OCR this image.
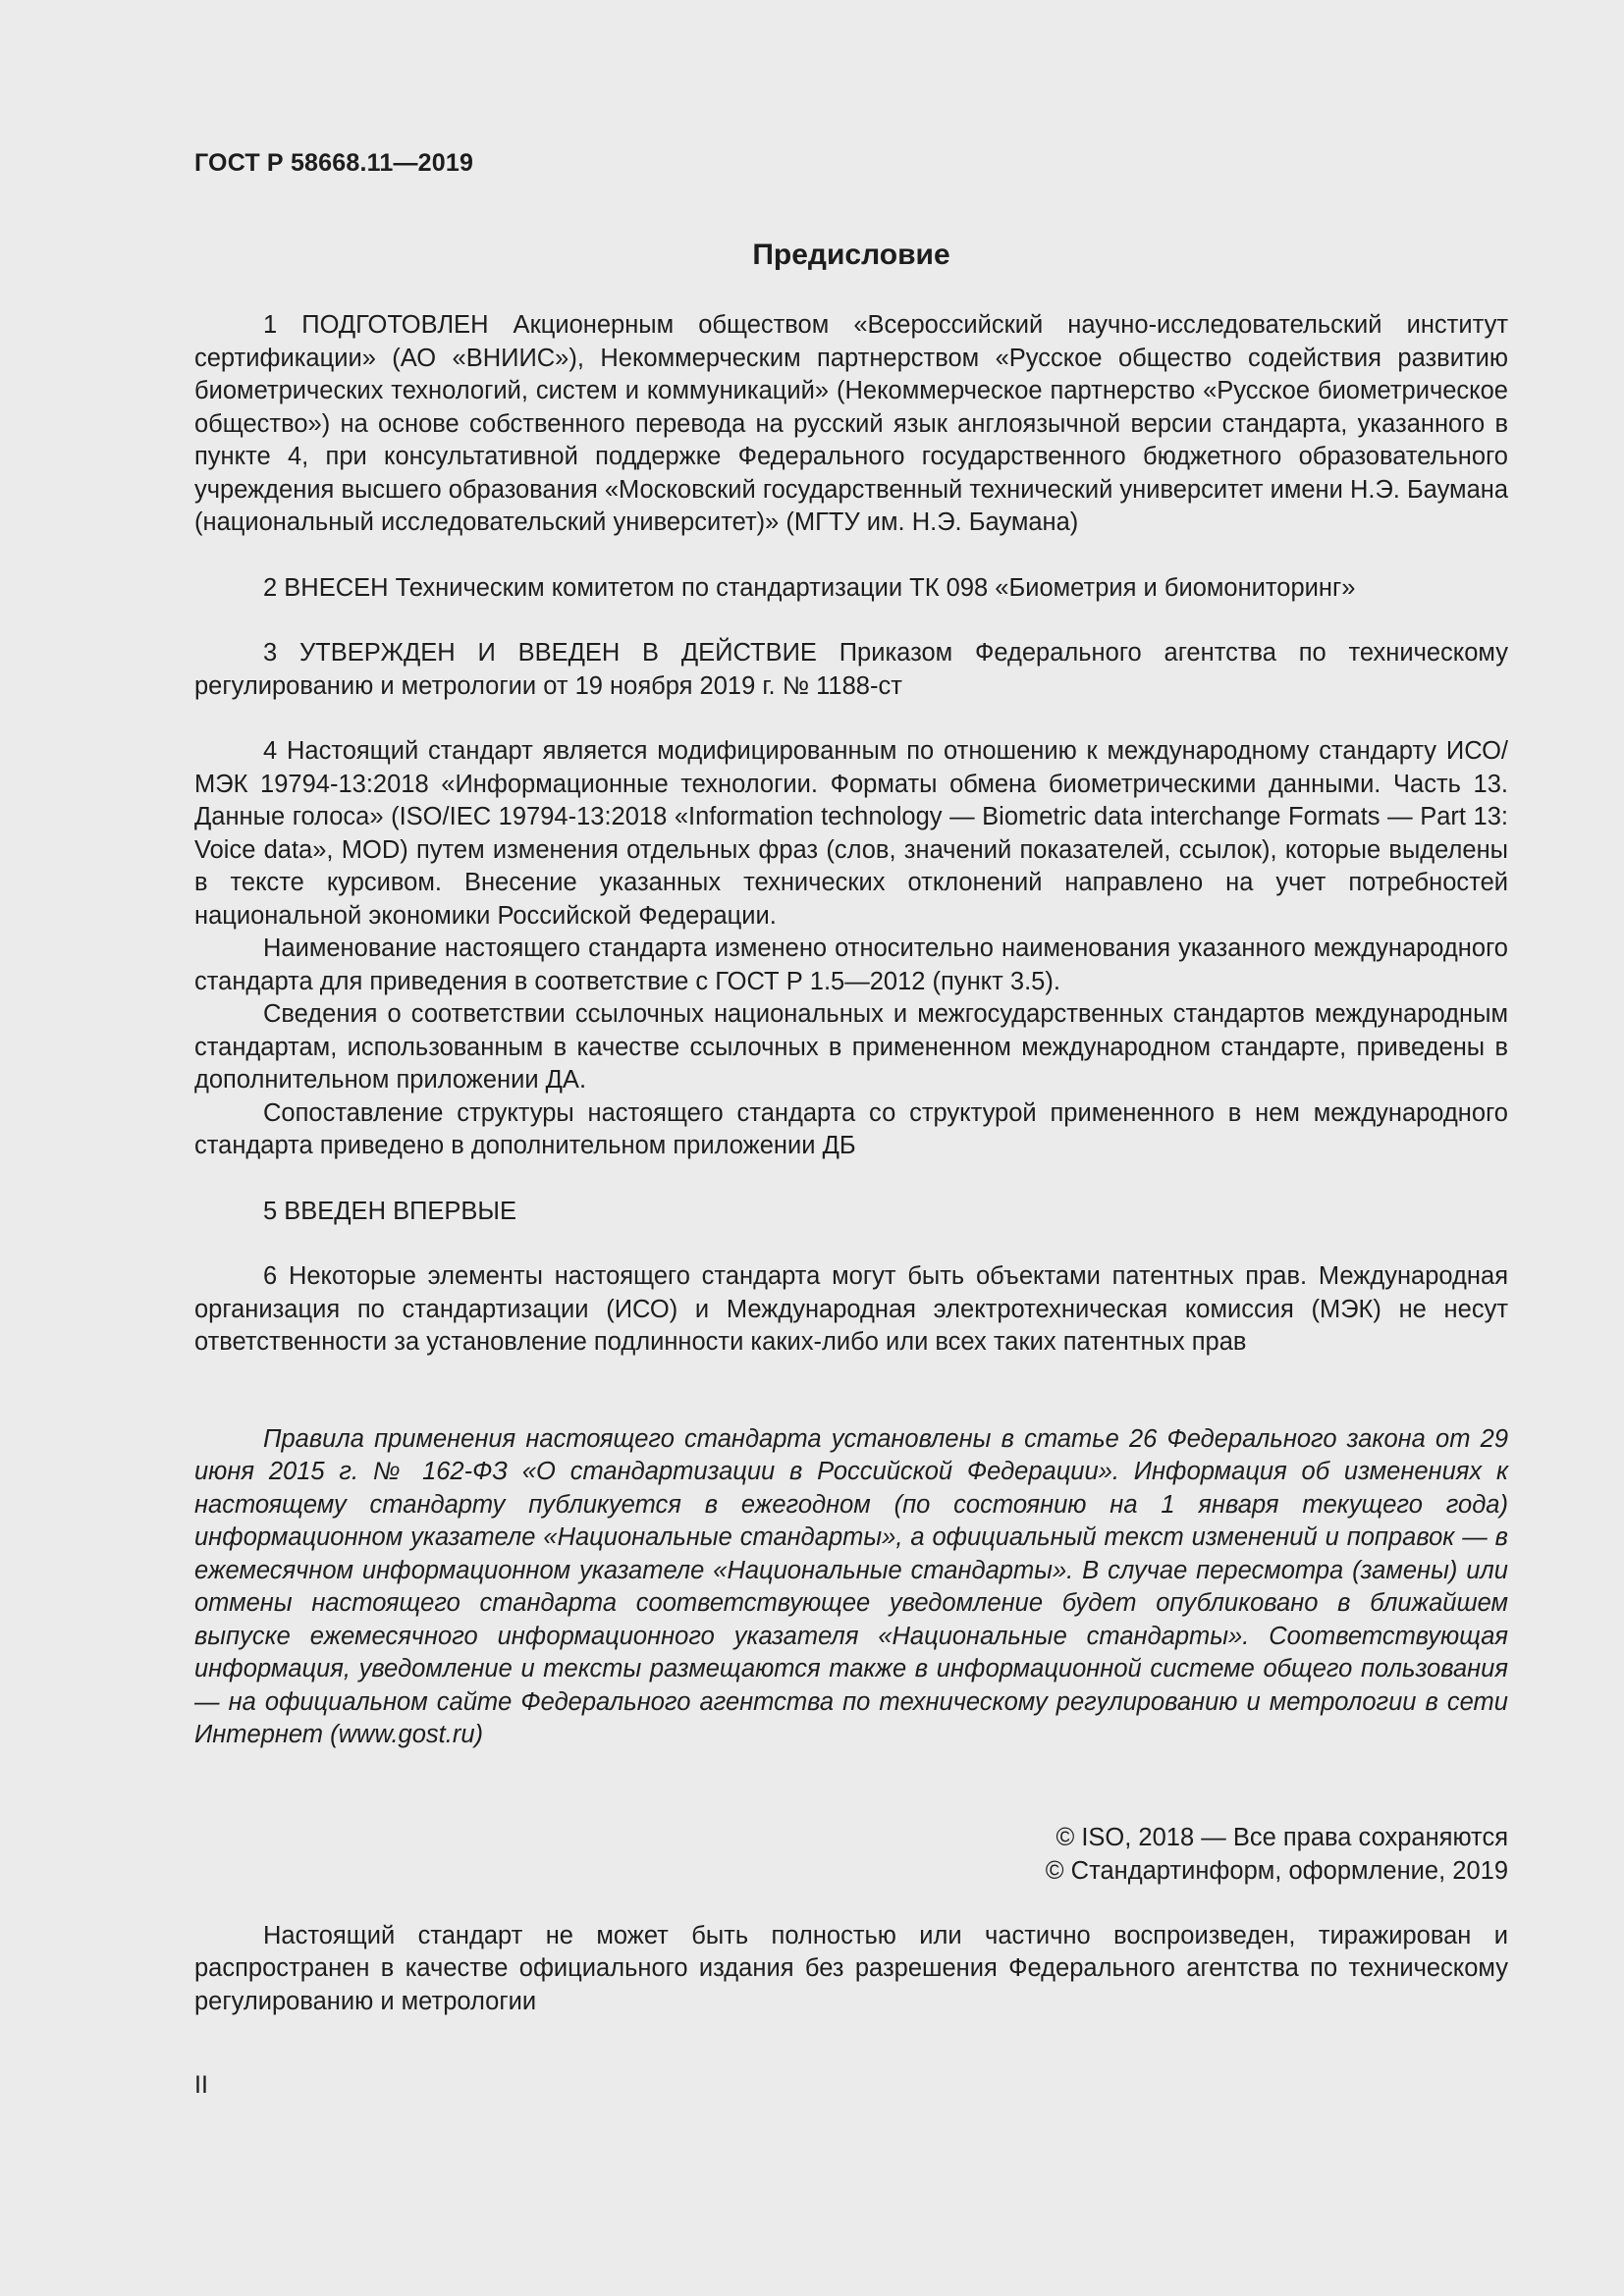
ГОСТ Р 58668.11—2019
Предисловие

1 ПОДГОТОВЛЕН Акционерным обществом «Всероссийский научно-исследовательский институт сертификации» (АО «ВНИИС»), Некоммерческим партнерством «Русское общество содействия развитию биометрических технологий, систем и коммуникаций» (Некоммерческое партнерство «Русское биометрическое общество») на основе собственного перевода на русский язык англоязычной версии стандарта, указанного в пункте 4, при консультативной поддержке Федерального государственного бюджетного образовательного учреждения высшего образования «Московский государственный технический университет имени Н.Э. Баумана (национальный исследовательский университет)» (МГТУ им. Н.Э. Баумана)

2 ВНЕСЕН Техническим комитетом по стандартизации ТК 098 «Биометрия и биомониторинг»

3 УТВЕРЖДЕН И ВВЕДЕН В ДЕЙСТВИЕ Приказом Федерального агентства по техническому регулированию и метрологии от 19 ноября 2019 г. № 1188-ст

4 Настоящий стандарт является модифицированным по отношению к международному стандарту ИСО/МЭК 19794-13:2018 «Информационные технологии. Форматы обмена биометрическими данными. Часть 13. Данные голоса» (ISO/IEC 19794-13:2018 «Information technology — Biometric data interchange Formats — Part 13: Voice data», MOD) путем изменения отдельных фраз (слов, значений показателей, ссылок), которые выделены в тексте курсивом. Внесение указанных технических отклонений направлено на учет потребностей национальной экономики Российской Федерации.

Наименование настоящего стандарта изменено относительно наименования указанного международного стандарта для приведения в соответствие с ГОСТ Р 1.5—2012 (пункт 3.5).

Сведения о соответствии ссылочных национальных и межгосударственных стандартов международным стандартам, использованным в качестве ссылочных в примененном международном стандарте, приведены в дополнительном приложении ДА.

Сопоставление структуры настоящего стандарта со структурой примененного в нем международного стандарта приведено в дополнительном приложении ДБ

5 ВВЕДЕН ВПЕРВЫЕ

6 Некоторые элементы настоящего стандарта могут быть объектами патентных прав. Международная организация по стандартизации (ИСО) и Международная электротехническая комиссия (МЭК) не несут ответственности за установление подлинности каких-либо или всех таких патентных прав

Правила применения настоящего стандарта установлены в статье 26 Федерального закона от 29 июня 2015 г. № 162-ФЗ «О стандартизации в Российской Федерации». Информация об изменениях к настоящему стандарту публикуется в ежегодном (по состоянию на 1 января текущего года) информационном указателе «Национальные стандарты», а официальный текст изменений и поправок — в ежемесячном информационном указателе «Национальные стандарты». В случае пересмотра (замены) или отмены настоящего стандарта соответствующее уведомление будет опубликовано в ближайшем выпуске ежемесячного информационного указателя «Национальные стандарты». Соответствующая информация, уведомление и тексты размещаются также в информационной системе общего пользования — на официальном сайте Федерального агентства по техническому регулированию и метрологии в сети Интернет (www.gost.ru)

© ISO, 2018 — Все права сохраняются
© Стандартинформ, оформление, 2019

Настоящий стандарт не может быть полностью или частично воспроизведен, тиражирован и распространен в качестве официального издания без разрешения Федерального агентства по техническому регулированию и метрологии

II
